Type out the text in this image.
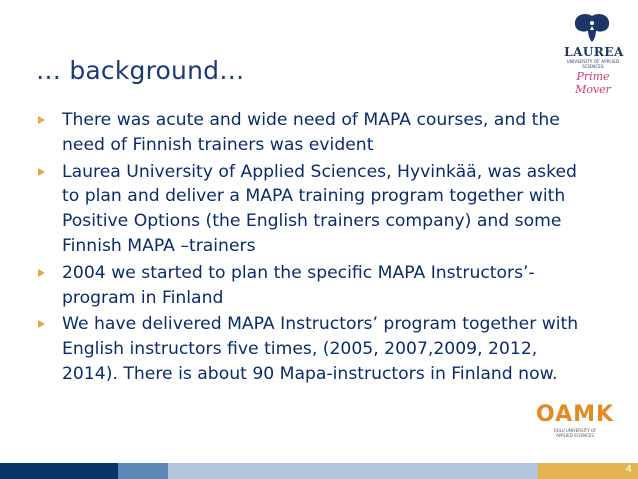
LAUREA
UNIVERSITY OF APPLIED SCIENCES
Prime Mover
… background…
There was acute and wide need of MAPA courses, and the need of Finnish trainers was evident
Laurea University of Applied Sciences, Hyvinkää, was asked to plan and deliver a MAPA training program together with Positive Options (the English trainers company) and some Finnish MAPA –trainers
2004 we started to plan the specific MAPA Instructors’-program in Finland
We have delivered MAPA Instructors’ program together with English instructors five times, (2005, 2007,2009, 2012, 2014). There is about 90 Mapa-instructors in Finland now.
OAMK
OULU UNIVERSITY OF
APPLIED SCIENCES
4
